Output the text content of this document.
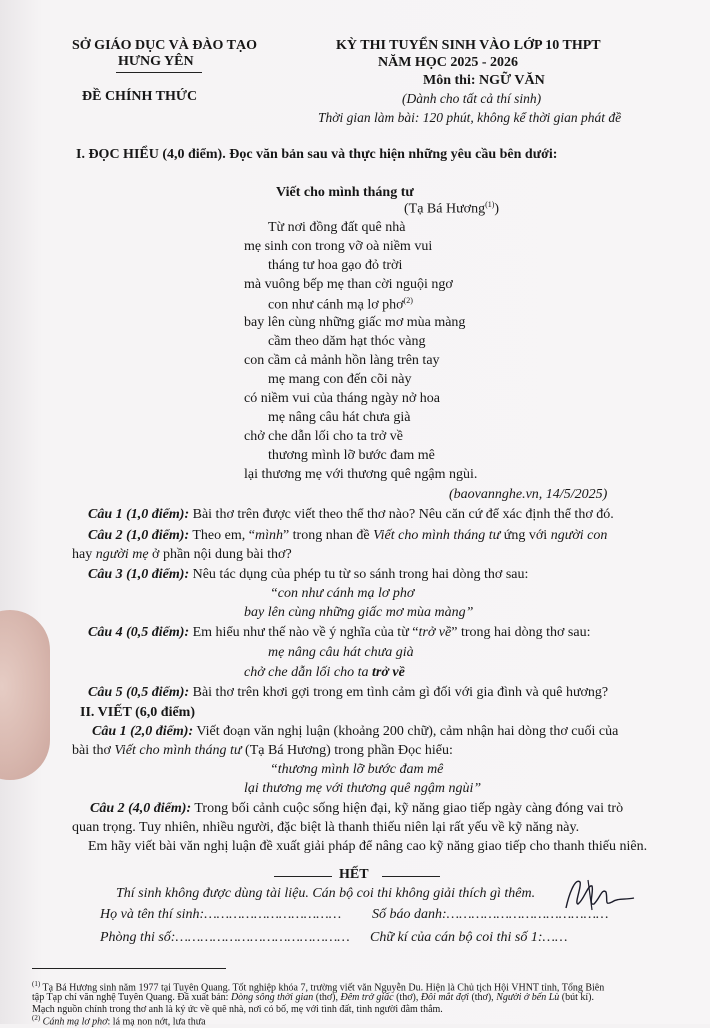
SỞ GIÁO DỤC VÀ ĐÀO TẠO
HƯNG YÊN
ĐỀ CHÍNH THỨC
KỲ THI TUYỂN SINH VÀO LỚP 10 THPT
NĂM HỌC 2025 - 2026
Môn thi: NGỮ VĂN
(Dành cho tất cả thí sinh)
Thời gian làm bài: 120 phút, không kể thời gian phát đề
I. ĐỌC HIỂU (4,0 điểm). Đọc văn bản sau và thực hiện những yêu cầu bên dưới:
Viết cho mình tháng tư
(Tạ Bá Hương$^{(1)}$)
Từ nơi đồng đất quê nhà
mẹ sinh con trong vỡ oà niềm vui
tháng tư hoa gạo đỏ trời
mà vuông bếp mẹ than cời nguội ngơ
con như cánh mạ lơ phơ$^{(2)}$
bay lên cùng những giấc mơ mùa màng
cầm theo dăm hạt thóc vàng
con cầm cả mảnh hồn làng trên tay
mẹ mang con đến cõi này
có niềm vui của tháng ngày nở hoa
mẹ nâng câu hát chưa già
chở che dẫn lối cho ta trở về
thương mình lỡ bước đam mê
lại thương mẹ với thương quê ngậm ngùi.
(baovannghe.vn, 14/5/2025)
Câu 1 (1,0 điểm): Bài thơ trên được viết theo thể thơ nào? Nêu căn cứ để xác định thể thơ đó.
Câu 2 (1,0 điểm): Theo em, “mình” trong nhan đề Viết cho mình tháng tư ứng với người con
hay người mẹ ở phần nội dung bài thơ?
Câu 3 (1,0 điểm): Nêu tác dụng của phép tu từ so sánh trong hai dòng thơ sau:
“con như cánh mạ lơ phơ
bay lên cùng những giấc mơ mùa màng”
Câu 4 (0,5 điểm): Em hiểu như thế nào về ý nghĩa của từ “trở về” trong hai dòng thơ sau:
mẹ nâng câu hát chưa già
chở che dẫn lối cho ta trở về
Câu 5 (0,5 điểm): Bài thơ trên khơi gợi trong em tình cảm gì đối với gia đình và quê hương?
II. VIẾT (6,0 điểm)
Câu 1 (2,0 điểm): Viết đoạn văn nghị luận (khoảng 200 chữ), cảm nhận hai dòng thơ cuối của
bài thơ Viết cho mình tháng tư (Tạ Bá Hương) trong phần Đọc hiểu:
“thương mình lỡ bước đam mê
lại thương mẹ với thương quê ngậm ngùi”
Câu 2 (4,0 điểm): Trong bối cảnh cuộc sống hiện đại, kỹ năng giao tiếp ngày càng đóng vai trò
quan trọng. Tuy nhiên, nhiều người, đặc biệt là thanh thiếu niên lại rất yếu về kỹ năng này.
Em hãy viết bài văn nghị luận đề xuất giải pháp để nâng cao kỹ năng giao tiếp cho thanh thiếu niên.
HẾT
Thí sinh không được dùng tài liệu. Cán bộ coi thi không giải thích gì thêm.
Họ và tên thí sinh:…………………………… Số báo danh:…………………………………
Phòng thi số:…………………………………… Chữ kí của cán bộ coi thi số 1:……
$^{(1)}$ Tạ Bá Hương sinh năm 1977 tại Tuyên Quang. Tốt nghiệp khóa 7, trường viết văn Nguyễn Du. Hiện là Chủ tịch Hội VHNT tỉnh, Tổng Biên
tập Tạp chí văn nghệ Tuyên Quang. Đã xuất bản: Dòng sông thời gian (thơ), Đêm trở giấc (thơ), Đôi mắt đợi (thơ), Người ở bến Lù (bút kí).
Mạch nguồn chính trong thơ anh là ký ức về quê nhà, nơi có bố, mẹ với tình đất, tình người đằm thắm.
$^{(2)}$ Cánh mạ lơ phơ: lá mạ non nớt, lưa thưa
